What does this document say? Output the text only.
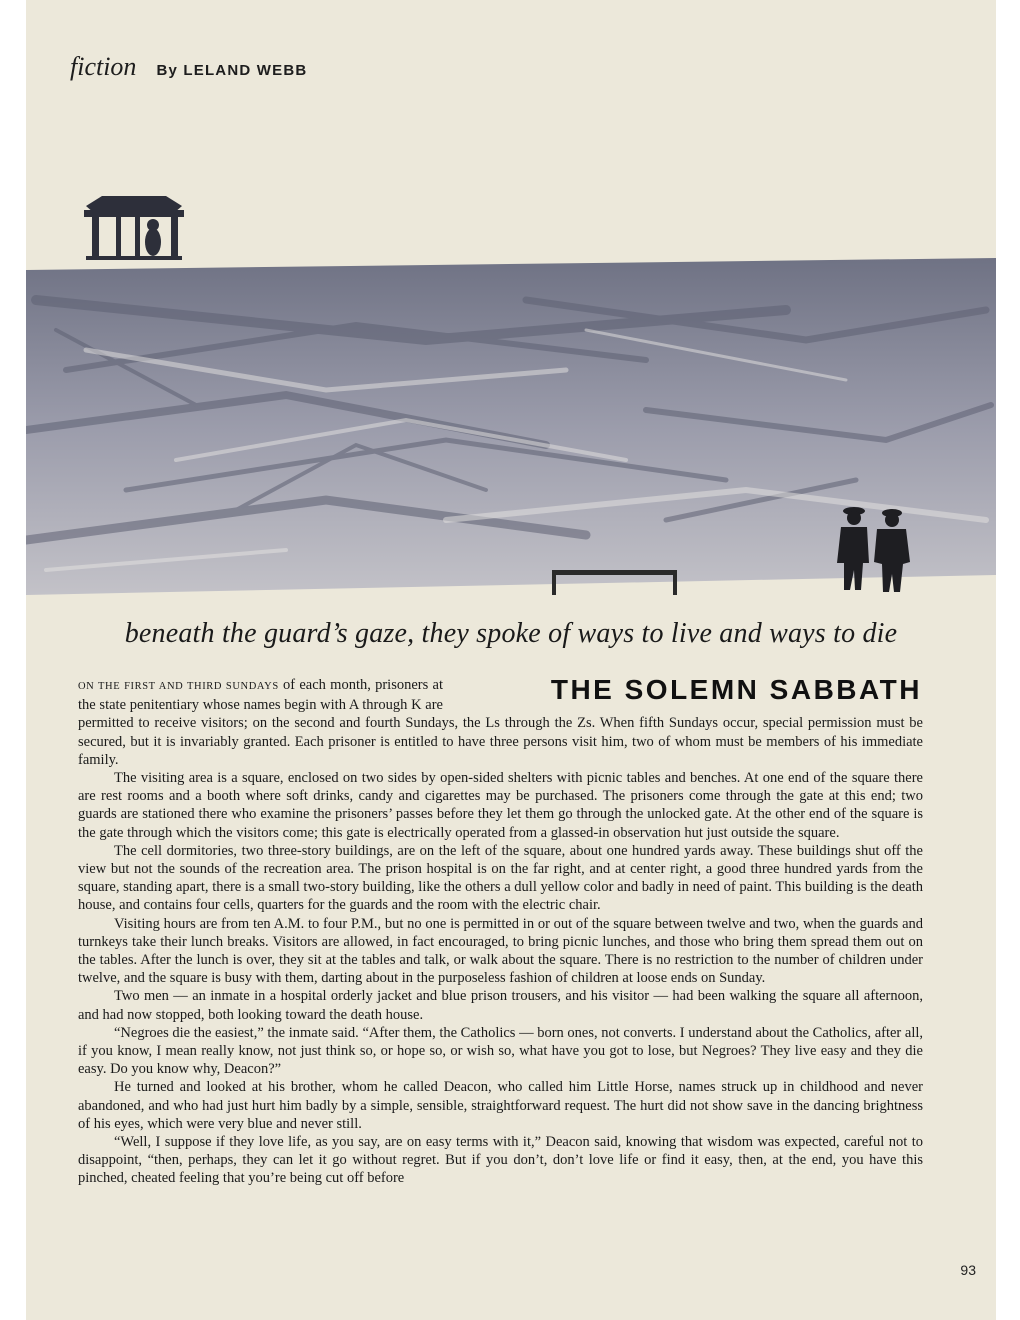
fiction By LELAND WEBB
beneath the guard’s gaze, they spoke of ways to live and ways to die
THE SOLEMN SABBATH

ON THE FIRST AND THIRD SUNDAYS of each month, prisoners at the state penitentiary whose names begin with A through K are permitted to receive visitors; on the second and fourth Sundays, the Ls through the Zs. When fifth Sundays occur, special permission must be secured, but it is invariably granted. Each prisoner is entitled to have three persons visit him, two of whom must be members of his immediate family.

The visiting area is a square, enclosed on two sides by open-sided shelters with picnic tables and benches. At one end of the square there are rest rooms and a booth where soft drinks, candy and cigarettes may be purchased. The prisoners come through the gate at this end; two guards are stationed there who examine the prisoners’ passes before they let them go through the unlocked gate. At the other end of the square is the gate through which the visitors come; this gate is electrically operated from a glassed-in observation hut just outside the square.

The cell dormitories, two three-story buildings, are on the left of the square, about one hundred yards away. These buildings shut off the view but not the sounds of the recreation area. The prison hospital is on the far right, and at center right, a good three hundred yards from the square, standing apart, there is a small two-story building, like the others a dull yellow color and badly in need of paint. This building is the death house, and contains four cells, quarters for the guards and the room with the electric chair.

Visiting hours are from ten A.M. to four P.M., but no one is permitted in or out of the square between twelve and two, when the guards and turnkeys take their lunch breaks. Visitors are allowed, in fact encouraged, to bring picnic lunches, and those who bring them spread them out on the tables. After the lunch is over, they sit at the tables and talk, or walk about the square. There is no restriction to the number of children under twelve, and the square is busy with them, darting about in the purposeless fashion of children at loose ends on Sunday.

Two men — an inmate in a hospital orderly jacket and blue prison trousers, and his visitor — had been walking the square all afternoon, and had now stopped, both looking toward the death house.

“Negroes die the easiest,” the inmate said. “After them, the Catholics — born ones, not converts. I understand about the Catholics, after all, if you know, I mean really know, not just think so, or hope so, or wish so, what have you got to lose, but Negroes? They live easy and they die easy. Do you know why, Deacon?”

He turned and looked at his brother, whom he called Deacon, who called him Little Horse, names struck up in childhood and never abandoned, and who had just hurt him badly by a simple, sensible, straightforward request. The hurt did not show save in the dancing brightness of his eyes, which were very blue and never still.

“Well, I suppose if they love life, as you say, are on easy terms with it,” Deacon said, knowing that wisdom was expected, careful not to disappoint, “then, perhaps, they can let it go without regret. But if you don’t, don’t love life or find it easy, then, at the end, you have this pinched, cheated feeling that you’re being cut off before

93
